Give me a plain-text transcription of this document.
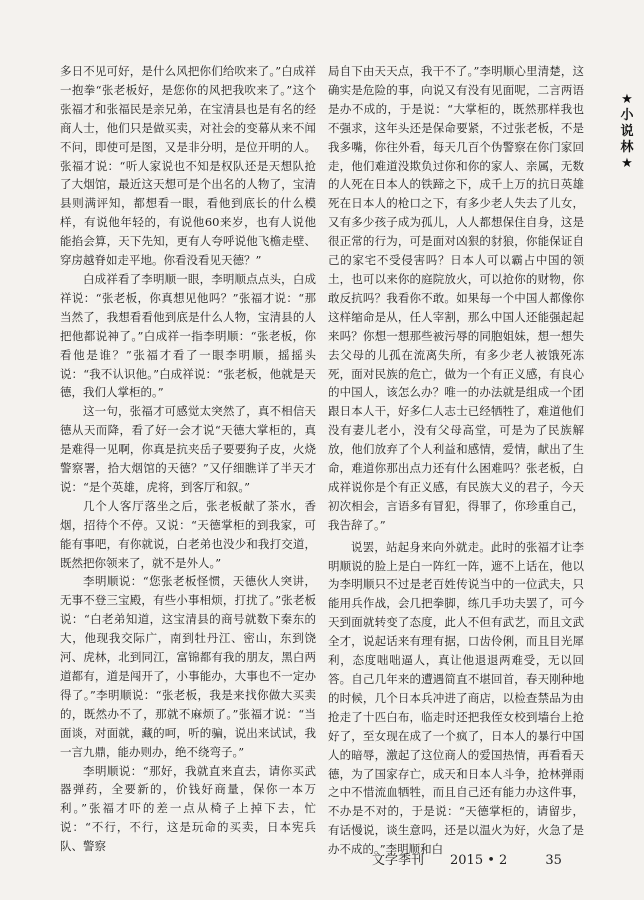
多日不见可好，是什么风把你们给吹来了。”白成祥一抱拳“张老板好，是您你的风把我吹来了。”这个张福才和张福民是亲兄弟，在宝清县也是有名的经商人士，他们只是做买卖，对社会的变幕从来不闻不问，即使可是图，又是非分明，是位开明的人。张福才说：“听人家说也不知是权队还是天想队抢了大烟馆，最近这天想可是个出名的人物了，宝清县则满评知，都想看一眼，看他到底长的什么模样，有说他年轻的，有说他60来岁，也有人说他能掐会算，天下先知，更有人夸呼说他飞檐走壁、穿房越脊如走平地。你看没看见天德？”

白成祥看了李明顺一眼，李明顺点点头，白成祥说：“张老板，你真想见他吗？”张福才说：“那当然了，我想看看他到底是什么人物，宝清县的人把他都说神了。”白成祥一指李明顺：“张老板，你看他是谁？”张福才看了一眼李明顺，摇摇头说：“我不认识他。”白成祥说：“张老板，他就是天德，我们人掌柜的。”

这一句，张福才可感觉太突然了，真不相信天德从天而降，看了好一会才说“天德大掌柜的，真是难得一见啊，你真是抗夹岳子要要狗子皮，火烧警察署，拾大烟馆的天德？”又仔细瞧详了半天才说：“是个英雄，虎将，到客厅和叙。”

几个人客厅落坐之后，张老板献了茶水，香烟，招待个不停。又说：“天德掌柜的到我家，可能有事吧，有你就说，白老弟也没少和我打交道，既然把你领来了，就不是外人。”

李明顺说：“您张老板怪惯，天德伙人突讲，无事不登三宝殿，有些小事相烦，打扰了。”张老板说：“白老弟知道，这宝清县的商号就数下秦东的大，他现我交际广，南到牡丹江、密山，东到饶河、虎林，北到同江，富锦都有我的朋友，黑白两道都有，道是闯开了，小事能办，大事也不一定办得了。”李明顺说：“张老板，我是来找你做大买卖的，既然办不了，那就不麻烦了。”张福才说：“当面谈，对面就，藏的呵，听的骗，说出来试试，我一言九鼎，能办则办，绝不绕弯子。”

李明顺说：“那好，我就直来直去，请你买武器弹药，全要新的，价钱好商量，保你一本万利。”张福才吓的差一点从椅子上掉下去，忙说：“不行，不行，这是玩命的买卖，日本宪兵队、警察

局自下由天天点，我干不了。”李明顺心里清楚，这确实是危险的事，向说又有没有见面呢，二言两语是办不成的，于是说：“大掌柜的，既然那样我也不强求，这年头还是保命要紧，不过张老板，不是我多嘴，你往外看，每天几百个伪警察在你门家回走，他们难道没欺负过你和你的家人、亲属，无数的人死在日本人的铁蹄之下，成千上万的抗日英雄死在日本人的枪口之下，有多少老人失去了儿女，又有多少孩子成为孤儿，人人都想保住自身，这是很正常的行为，可是面对凶狠的豺狼，你能保证自己的家宅不受侵害吗？日本人可以霸占中国的领土，也可以来你的庭院放火，可以抢你的财物，你敢反抗吗？我看你不敢。如果每一个中国人都像你这样缩命是从，任人宰割，那么中国人还能强起起来吗？你想一想那些被污辱的同胞姐妹，想一想失去父母的儿孤在流离失所，有多少老人被饿死冻死，面对民族的危亡，做为一个有正义感，有良心的中国人，该怎么办？唯一的办法就是组成一个团跟日本人干，好多仁人志士已经牺牲了，难道他们没有妻儿老小，没有父母高堂，可是为了民族解放，他们放弃了个人利益和感情，爱情，献出了生命，难道你那出点力还有什么困难吗？张老板，白成祥说你是个有正义感，有民族大义的君子，今天初次相会，言语多有冒犯，得罪了，你珍重自己，我告辞了。”

说罢，站起身来向外就走。此时的张福才让李明顺说的脸上是白一阵红一阵，遮不上话在，他以为李明顺只不过是老百姓传说当中的一位武夫，只能用兵作战，会几把拳脚，练几手功夫罢了，可今天到面就转变了态度，此人不但有武艺，而且文武全才，说起话来有理有据，口齿伶俐，而且目光犀利，态度咄咄逼人，真让他退退两难受，无以回答。自己几年来的遭遇简直不堪回首，春天刚种地的时候，几个日本兵冲进了商店，以检查禁品为由抢走了十匹白布，临走时还把我侄女校到墙台上抢好了，至女现在成了一个疯了，日本人的暴行中国人的暗辱，激起了这位商人的爱国热情，再看看天德，为了国家存亡，成天和日本人斗争，抢林弹雨之中不惜流血牺牲，而且自己还有能力办这件事，不办是不对的，于是说：“天德掌柜的，请留步，有话慢说，谈生意吗，还是以温火为好，火急了是办不成的。”李明顺和白

★
小
说
林
★
文学季刊 2015 • 2	35
